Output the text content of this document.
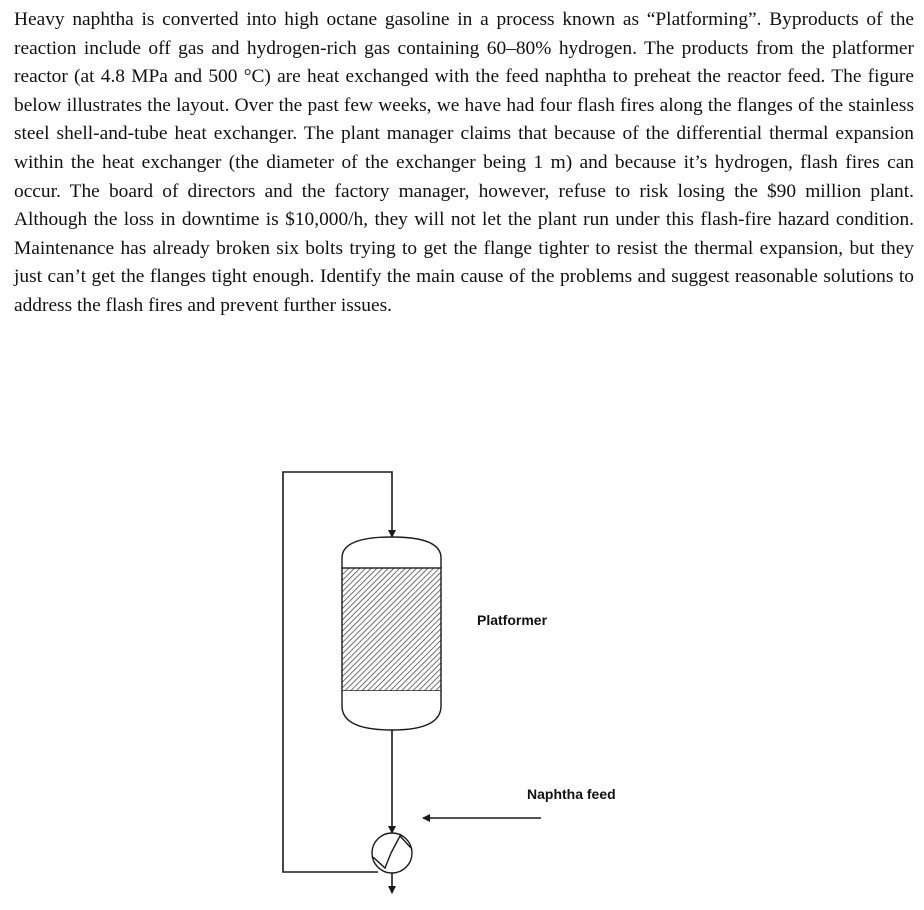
Heavy naphtha is converted into high octane gasoline in a process known as “Platforming”. Byproducts of the reaction include off gas and hydrogen-rich gas containing 60–80% hydrogen. The products from the platformer reactor (at 4.8 MPa and 500 °C) are heat exchanged with the feed naphtha to preheat the reactor feed. The figure below illustrates the layout. Over the past few weeks, we have had four flash fires along the flanges of the stainless steel shell-and-tube heat exchanger. The plant manager claims that because of the differential thermal expansion within the heat exchanger (the diameter of the exchanger being 1 m) and because it’s hydrogen, flash fires can occur. The board of directors and the factory manager, however, refuse to risk losing the $90 million plant. Although the loss in downtime is $10,000/h, they will not let the plant run under this flash-fire hazard condition. Maintenance has already broken six bolts trying to get the flange tighter to resist the thermal expansion, but they just can’t get the flanges tight enough. Identify the main cause of the problems and suggest reasonable solutions to address the flash fires and prevent further issues.

Platformer
Naphtha feed
